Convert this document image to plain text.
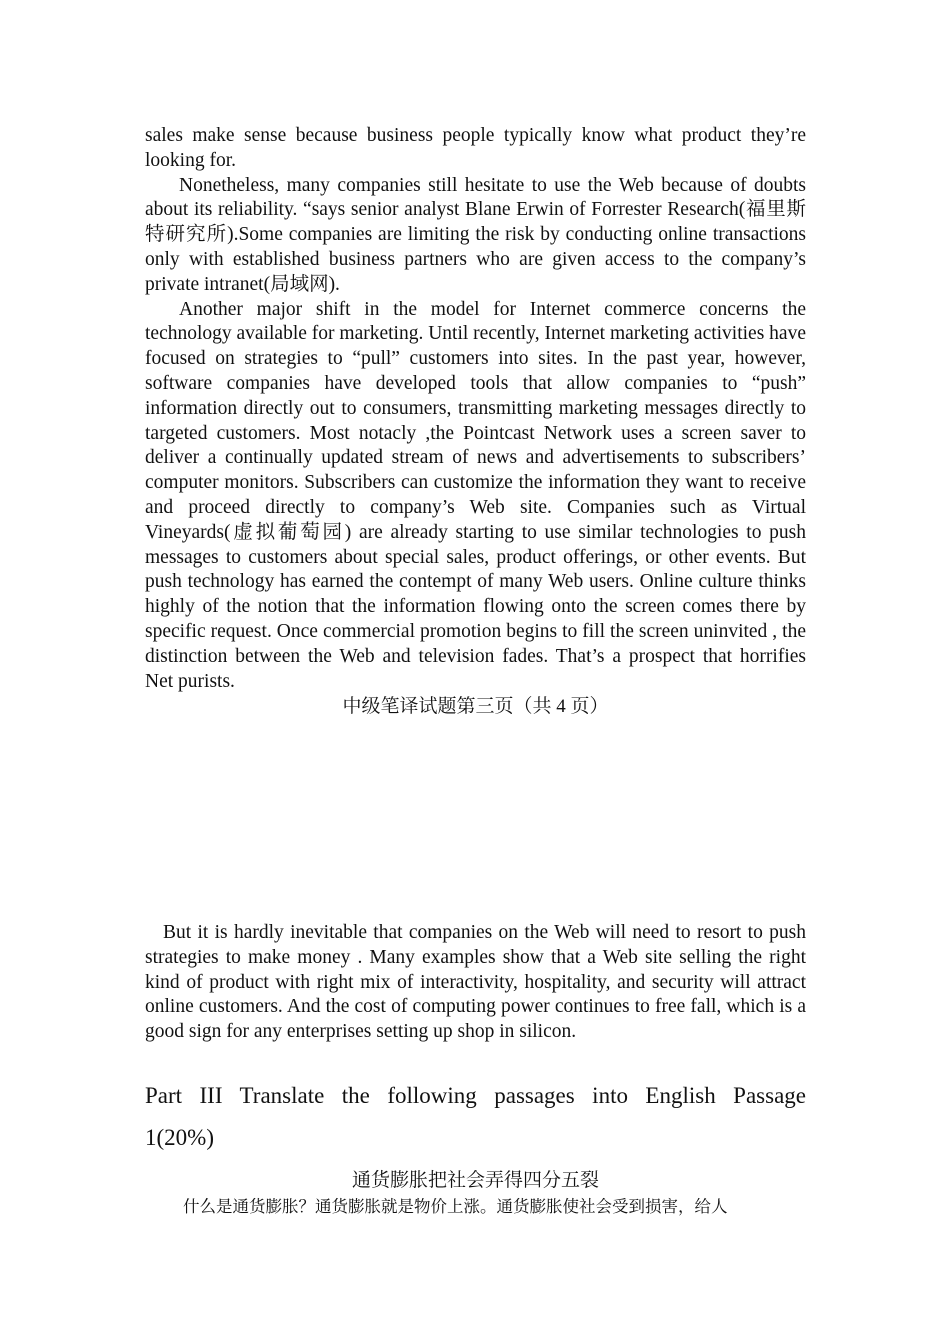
sales make sense because business people typically know what product they’re looking for.

Nonetheless, many companies still hesitate to use the Web because of doubts about its reliability. “says senior analyst Blane Erwin of Forrester Research(福里斯特研究所).Some companies are limiting the risk by conducting online transactions only with established business partners who are given access to the company’s private intranet(局域网).

Another major shift in the model for Internet commerce concerns the technology available for marketing. Until recently, Internet marketing activities have focused on strategies to “pull” customers into sites. In the past year, however, software companies have developed tools that allow companies to “push” information directly out to consumers, transmitting marketing messages directly to targeted customers. Most notacly ,the Pointcast Network uses a screen saver to deliver a continually updated stream of news and advertisements to subscribers’ computer monitors. Subscribers can customize the information they want to receive and proceed directly to company’s Web site. Companies such as Virtual Vineyards(虚拟葡萄园) are already starting to use similar technologies to push messages to customers about special sales, product offerings, or other events. But push technology has earned the contempt of many Web users. Online culture thinks highly of the notion that the information flowing onto the screen comes there by specific request. Once commercial promotion begins to fill the screen uninvited , the distinction between the Web and television fades. That’s a prospect that horrifies Net purists.

中级笔译试题第三页（共 4 页）

But it is hardly inevitable that companies on the Web will need to resort to push strategies to make money . Many examples show that a Web site selling the right kind of product with right mix of interactivity, hospitality, and security will attract online customers. And the cost of computing power continues to free fall, which is a good sign for any enterprises setting up shop in silicon.

Part III Translate the following passages into English Passage
1(20%)

通货膨胀把社会弄得四分五裂

什么是通货膨胀？通货膨胀就是物价上涨。通货膨胀使社会受到损害，给人
